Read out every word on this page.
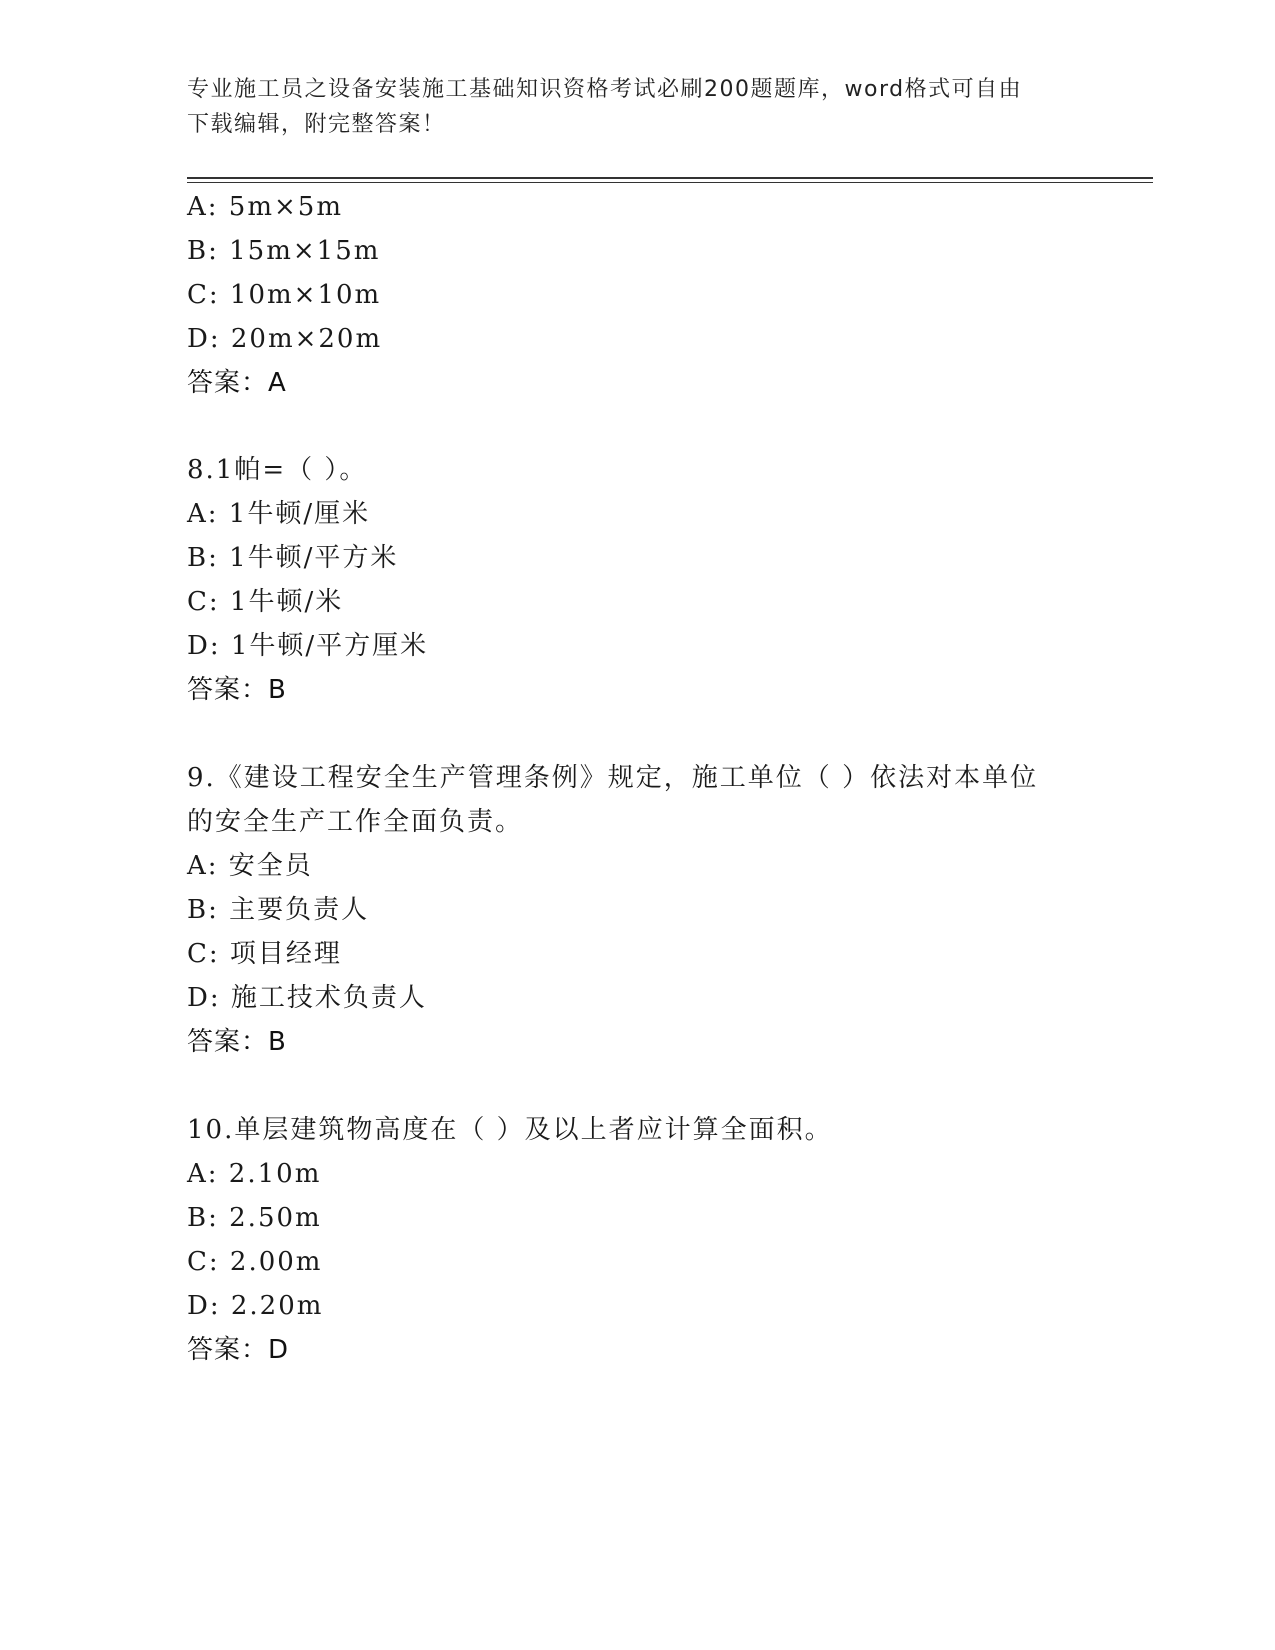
专业施工员之设备安装施工基础知识资格考试必刷200题题库，word格式可自由
下载编辑，附完整答案！
A: 5m×5m
B: 15m×15m
C: 10m×10m
D: 20m×20m
答案：A
8.1帕=（ ）。
A: 1牛顿/厘米
B: 1牛顿/平方米
C: 1牛顿/米
D: 1牛顿/平方厘米
答案：B
9.《建设工程安全生产管理条例》规定，施工单位（ ）依法对本单位
的安全生产工作全面负责。
A: 安全员
B: 主要负责人
C: 项目经理
D: 施工技术负责人
答案：B
10.单层建筑物高度在（ ）及以上者应计算全面积。
A: 2.10m
B: 2.50m
C: 2.00m
D: 2.20m
答案：D
